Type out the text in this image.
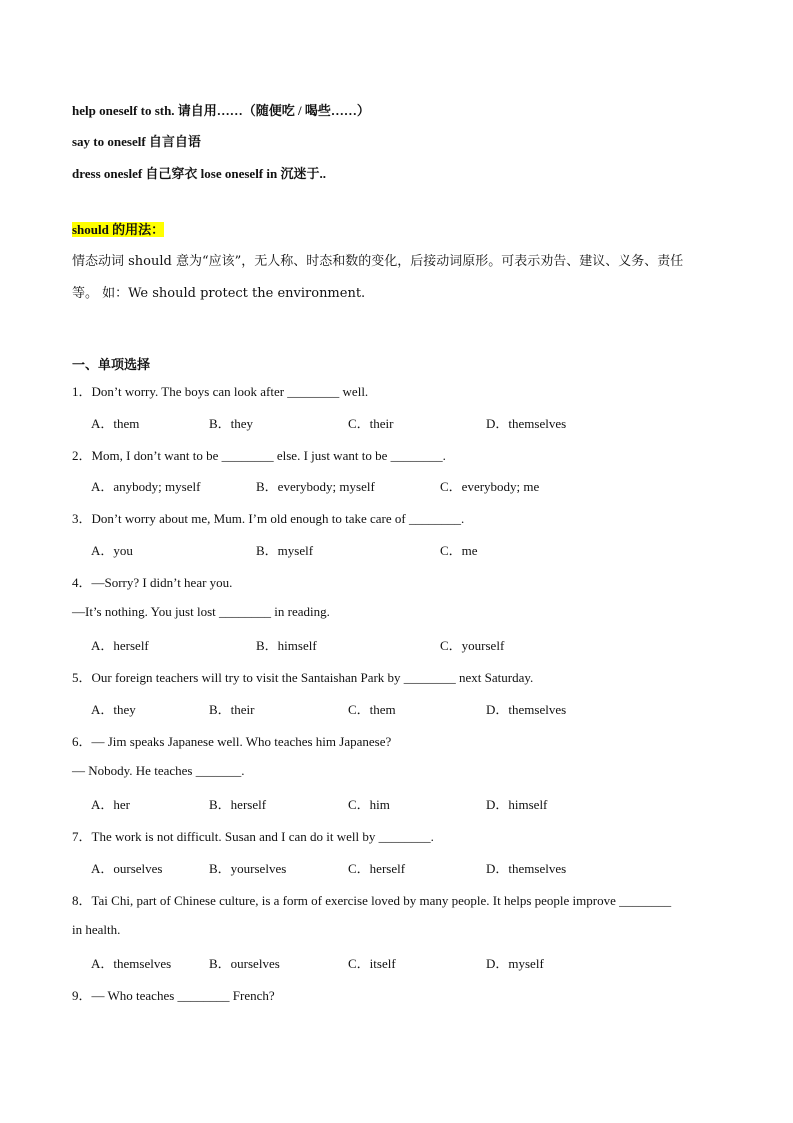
help oneself to sth. 请自用……（随便吃 / 喝些……）
say to oneself 自言自语
dress oneslef 自己穿衣 lose oneself in 沉迷于..
should 的用法：
情态动词 should 意为“应该”，无人称、时态和数的变化，后接动词原形。可表示劝告、建议、义务、责任
等。 如：We should protect the environment.
一、单项选择
1．Don’t worry. The boys can look after ________ well.
A．them	B．they	C．their	D．themselves
2．Mom, I don’t want to be ________ else. I just want to be ________.
A．anybody; myself	B．everybody; myself	C．everybody; me
3．Don’t worry about me, Mum. I’m old enough to take care of ________.
A．you	B．myself	C．me
4．—Sorry? I didn’t hear you.
—It’s nothing. You just lost ________ in reading.
A．herself	B．himself	C．yourself
5．Our foreign teachers will try to visit the Santaishan Park by ________ next Saturday.
A．they	B．their	C．them	D．themselves
6．— Jim speaks Japanese well. Who teaches him Japanese?
— Nobody. He teaches _______.
A．her	B．herself	C．him	D．himself
7．The work is not difficult. Susan and I can do it well by ________.
A．ourselves	B．yourselves	C．herself	D．themselves
8．Tai Chi, part of Chinese culture, is a form of exercise loved by many people. It helps people improve ________
in health.
A．themselves	B．ourselves	C．itself	D．myself
9．— Who teaches ________ French?
